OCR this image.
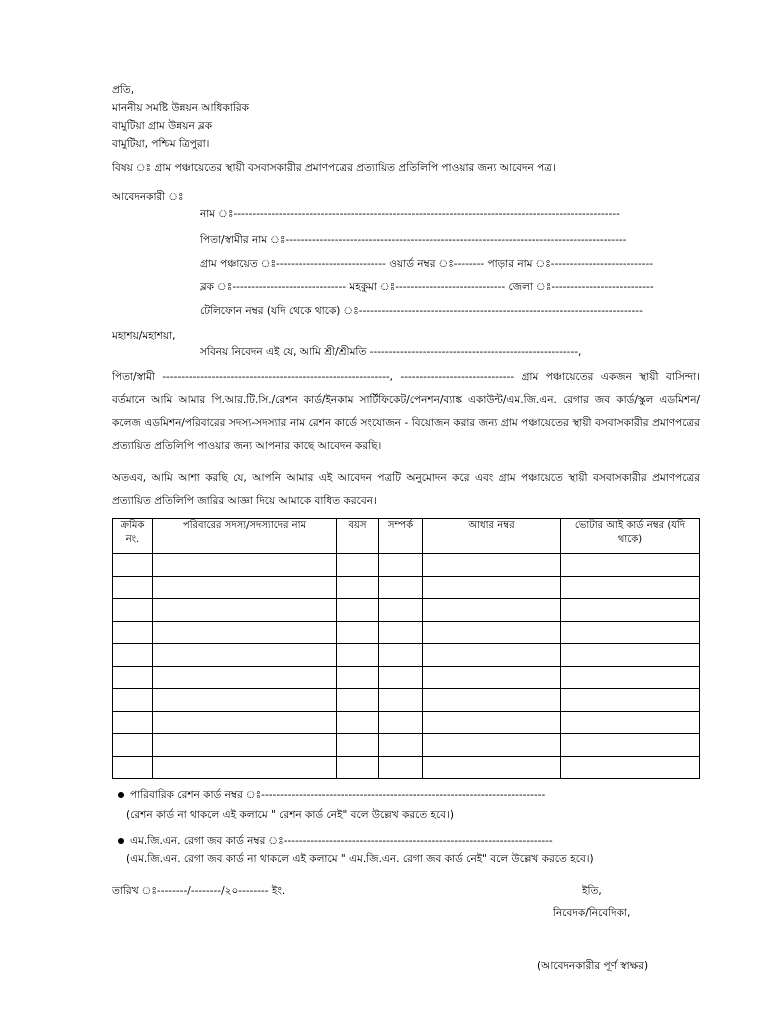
প্রতি,
মাননীয় সমষ্টি উন্নয়ন আধিকারিক
বামুটিয়া গ্রাম উন্নয়ন ব্লক
বামুটিয়া, পশ্চিম ত্রিপুরা।
বিষয় ঃ গ্রাম পঞ্চায়েতের স্থায়ী বসবাসকারীর প্রমাণপত্রের প্রত্যায়িত প্রতিলিপি পাওয়ার জন্য আবেদন পত্র।
আবেদনকারী ঃ
নাম ঃ------------------------------------------------------------------------------------------------------
পিতা/স্বামীর নাম ঃ------------------------------------------------------------------------------------------
গ্রাম পঞ্চায়েত ঃ----------------------------- ওয়ার্ড নম্বর ঃ-------- পাড়ার নাম ঃ---------------------------
ব্লক ঃ------------------------------ মহকুমা ঃ----------------------------- জেলা ঃ---------------------------
টেলিফোন নম্বর (যদি থেকে থাকে) ঃ---------------------------------------------------------------------------
মহাশয়/মহাশয়া,
সবিনয় নিবেদন এই যে, আমি শ্রী/শ্রীমতি -------------------------------------------------------,
পিতা/স্বামী ------------------------------------------------------------, ------------------------------ গ্রাম পঞ্চায়েতের একজন স্থায়ী বাসিন্দা। বর্তমানে আমি আমার পি.আর.টি.সি./রেশন কার্ড/ইনকাম সার্টিফিকেট/পেনশন/ব্যাঙ্ক একাউন্ট/এম.জি.এন. রেগার জব কার্ড/স্কুল এডমিশন/কলেজ এডমিশন/পরিবারের সদস্য-সদস্যার নাম রেশন কার্ডে সংযোজন - বিয়োজন করার জন্য গ্রাম পঞ্চায়েতের স্থায়ী বসবাসকারীর প্রমাণপত্রের প্রত্যায়িত প্রতিলিপি পাওয়ার জন্য আপনার কাছে আবেদন করছি।
অতএব, আমি আশা করছি যে, আপনি আমার এই আবেদন পত্রটি অনুমোদন করে এবং গ্রাম পঞ্চায়েতে স্থায়ী বসবাসকারীর প্রমাণপত্রের প্রত্যায়িত প্রতিলিপি জারির আজ্ঞা দিয়ে আমাকে বাধিত করবেন।
ক্রমিক নং.	পরিবারের সদস্য/সদস্যাদের নাম	বয়স	সম্পর্ক	আধার নম্বর	ভোটার আই কার্ড নম্বর (যদি থাকে)

পারিবারিক রেশন কার্ড নম্বর ঃ---------------------------------------------------------------------------
(রেশন কার্ড না থাকলে এই কলামে " রেশন কার্ড নেই" বলে উল্লেখ করতে হবে।)
এম.জি.এন. রেগা জব কার্ড নম্বর ঃ-----------------------------------------------------------------------
(এম.জি.এন. রেগা জব কার্ড না থাকলে এই কলামে " এম.জি.এন. রেগা জব কার্ড নেই" বলে উল্লেখ করতে হবে।)
তারিখ ঃ--------/--------/২০-------- ইং.	ইতি,
নিবেদক/নিবেদিকা,
(আবেদনকারীর পূর্ণ স্বাক্ষর)
